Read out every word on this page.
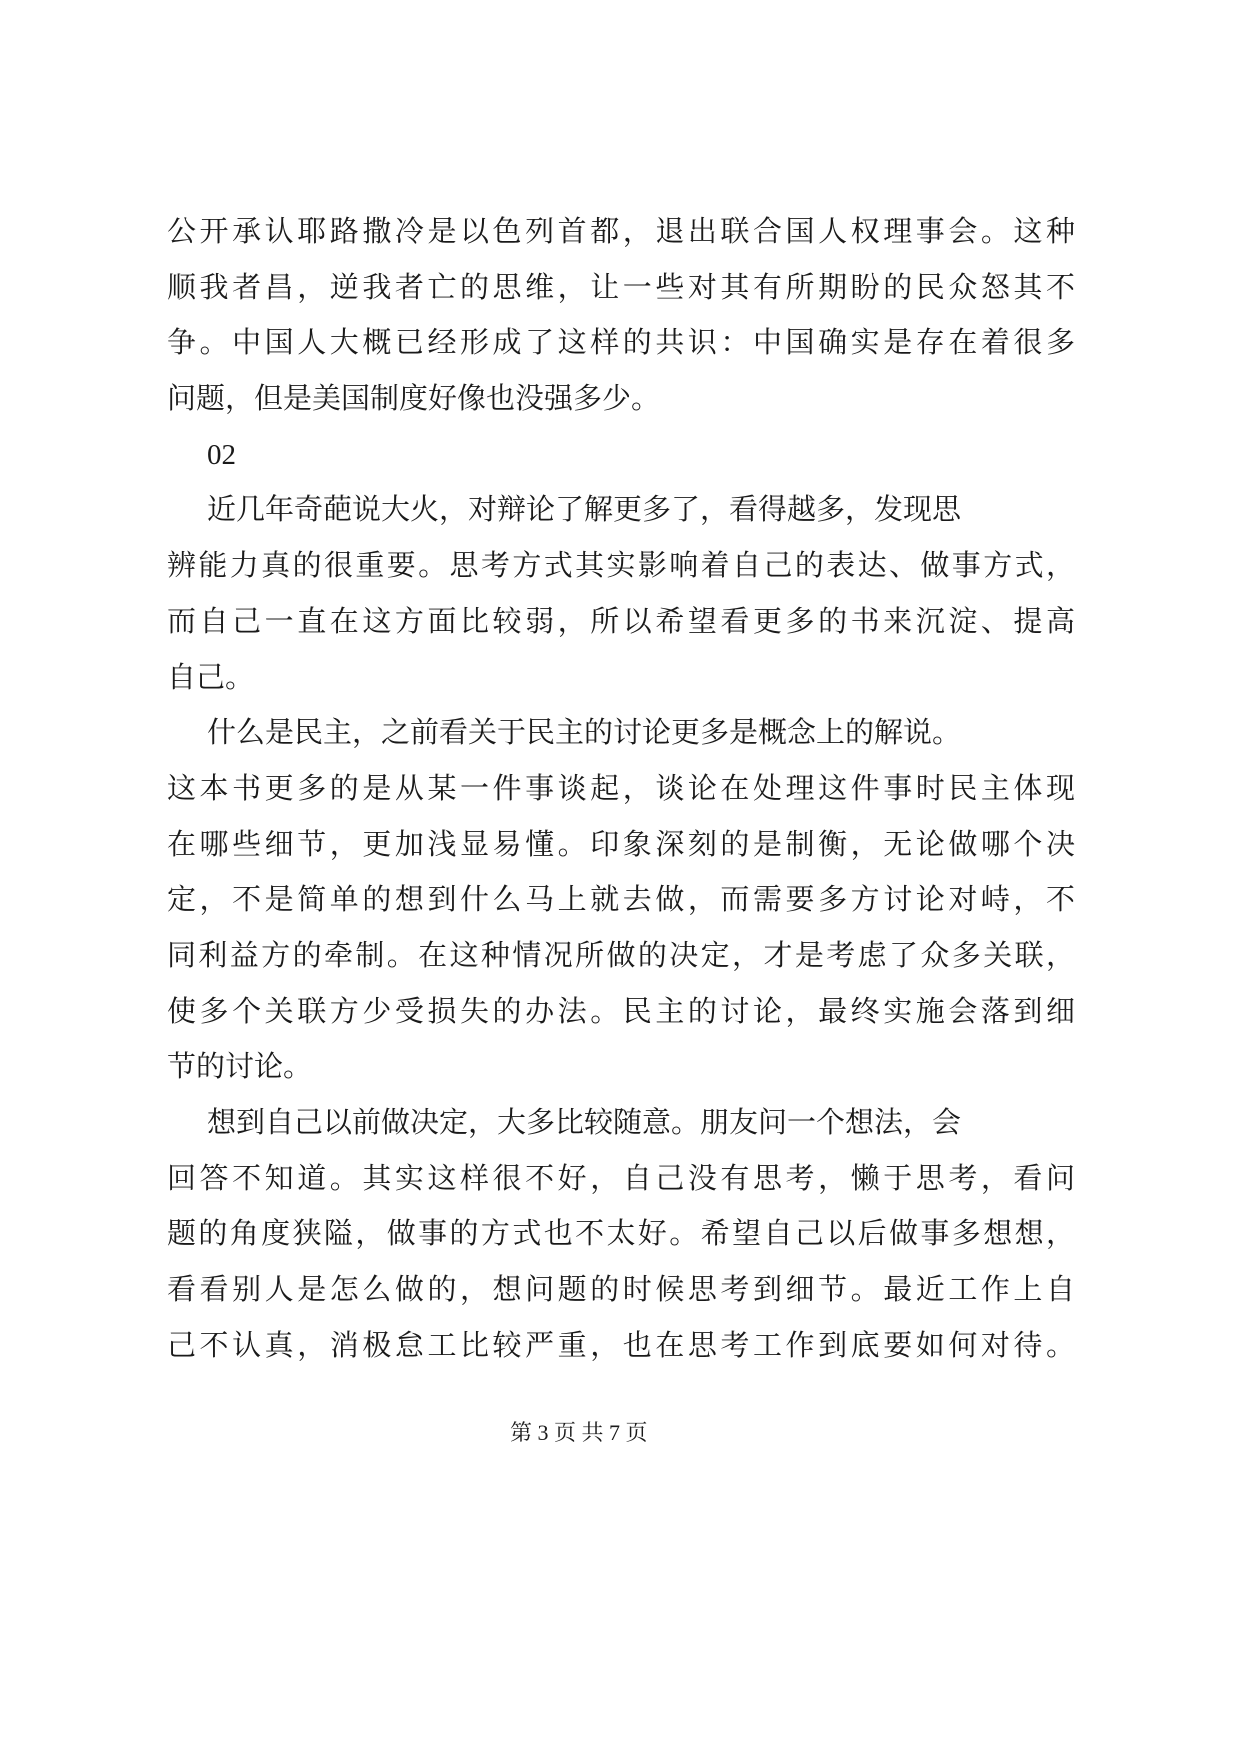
公开承认耶路撒冷是以色列首都，退出联合国人权理事会。这种
顺我者昌，逆我者亡的思维，让一些对其有所期盼的民众怒其不
争。中国人大概已经形成了这样的共识：中国确实是存在着很多
问题，但是美国制度好像也没强多少。
02
近几年奇葩说大火，对辩论了解更多了，看得越多，发现思
辨能力真的很重要。思考方式其实影响着自己的表达、做事方式，
而自己一直在这方面比较弱，所以希望看更多的书来沉淀、提高
自己。
什么是民主，之前看关于民主的讨论更多是概念上的解说。
这本书更多的是从某一件事谈起，谈论在处理这件事时民主体现
在哪些细节，更加浅显易懂。印象深刻的是制衡，无论做哪个决
定，不是简单的想到什么马上就去做，而需要多方讨论对峙，不
同利益方的牵制。在这种情况所做的决定，才是考虑了众多关联，
使多个关联方少受损失的办法。民主的讨论，最终实施会落到细
节的讨论。
想到自己以前做决定，大多比较随意。朋友问一个想法，会
回答不知道。其实这样很不好，自己没有思考，懒于思考，看问
题的角度狭隘，做事的方式也不太好。希望自己以后做事多想想，
看看别人是怎么做的，想问题的时候思考到细节。最近工作上自
己不认真，消极怠工比较严重，也在思考工作到底要如何对待。
第 3 页 共 7 页
